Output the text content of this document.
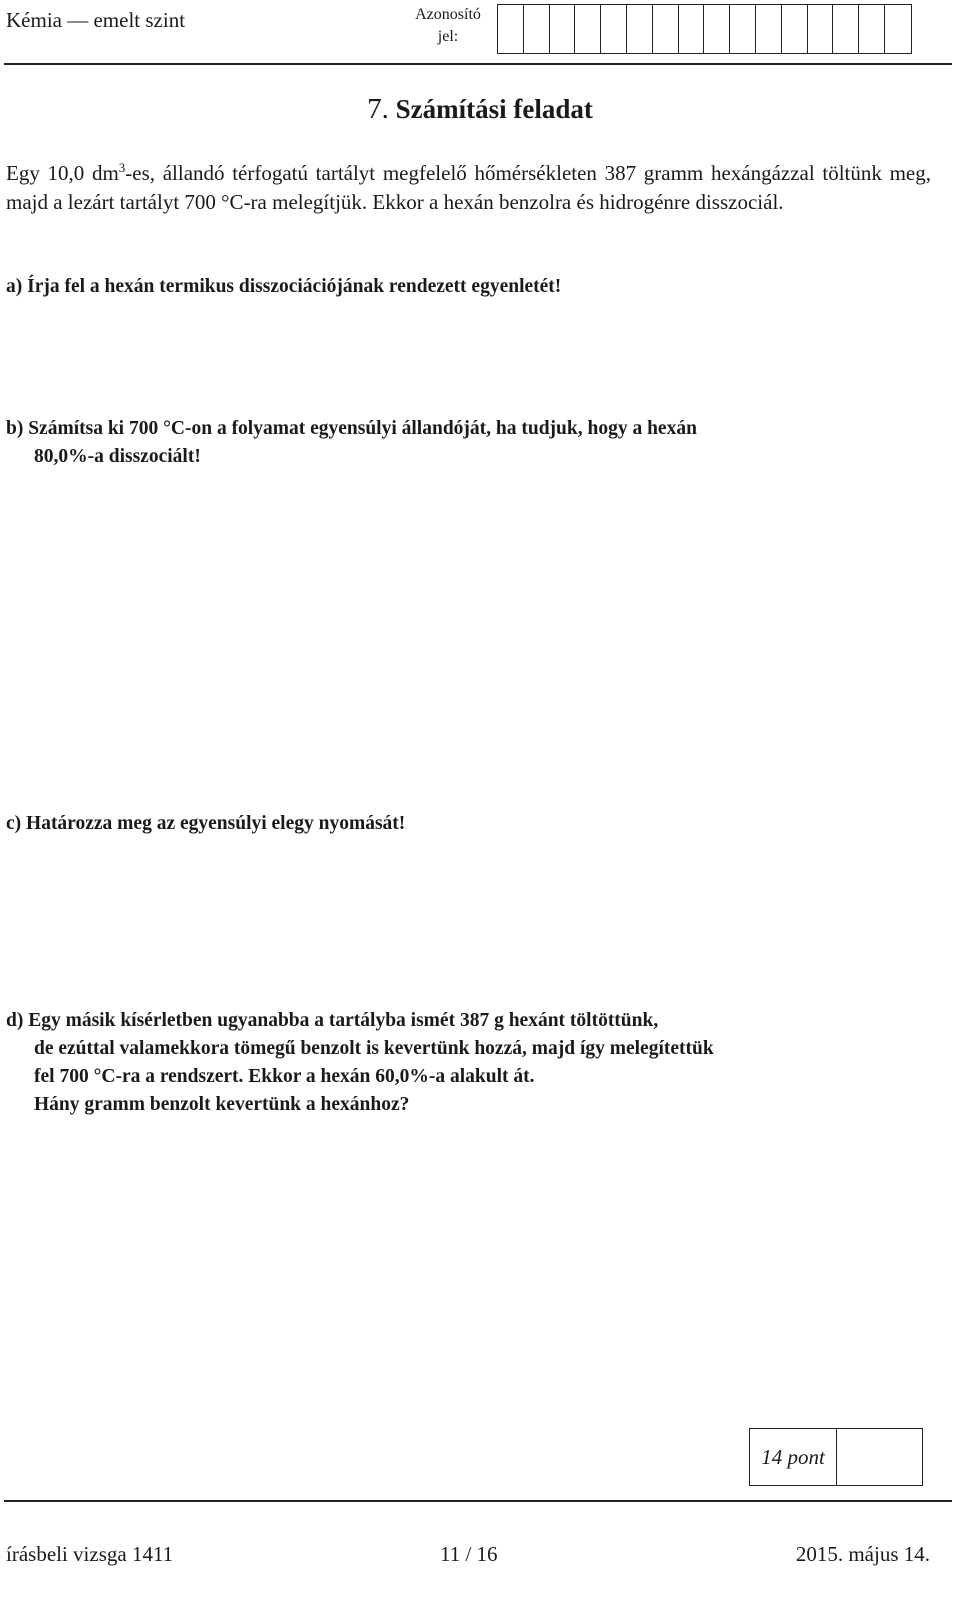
Kémia — emelt szint	Azonosító
jel:
7. Számítási feladat
Egy 10,0 $dm^3-es$, állandó térfogatú tartályt megfelelő hőmérsékleten 387 gramm hexángázzal töltünk meg, majd a lezárt tartályt 700 °C-ra melegítjük. Ekkor a hexán benzolra és hidrogénre disszociál.
a) Írja fel a hexán termikus disszociációjának rendezett egyenletét!
b) Számítsa ki 700 °C-on a folyamat egyensúlyi állandóját, ha tudjuk, hogy a hexán
80,0%-a disszociált!
c) Határozza meg az egyensúlyi elegy nyomását!
d) Egy másik kísérletben ugyanabba a tartályba ismét 387 g hexánt töltöttünk,
de ezúttal valamekkora tömegű benzolt is kevertünk hozzá, majd így melegítettük
fel 700 °C-ra a rendszert. Ekkor a hexán 60,0%-a alakult át.
Hány gramm benzolt kevertünk a hexánhoz?
14 pont
írásbeli vizsga 1411	11 / 16	2015. május 14.
